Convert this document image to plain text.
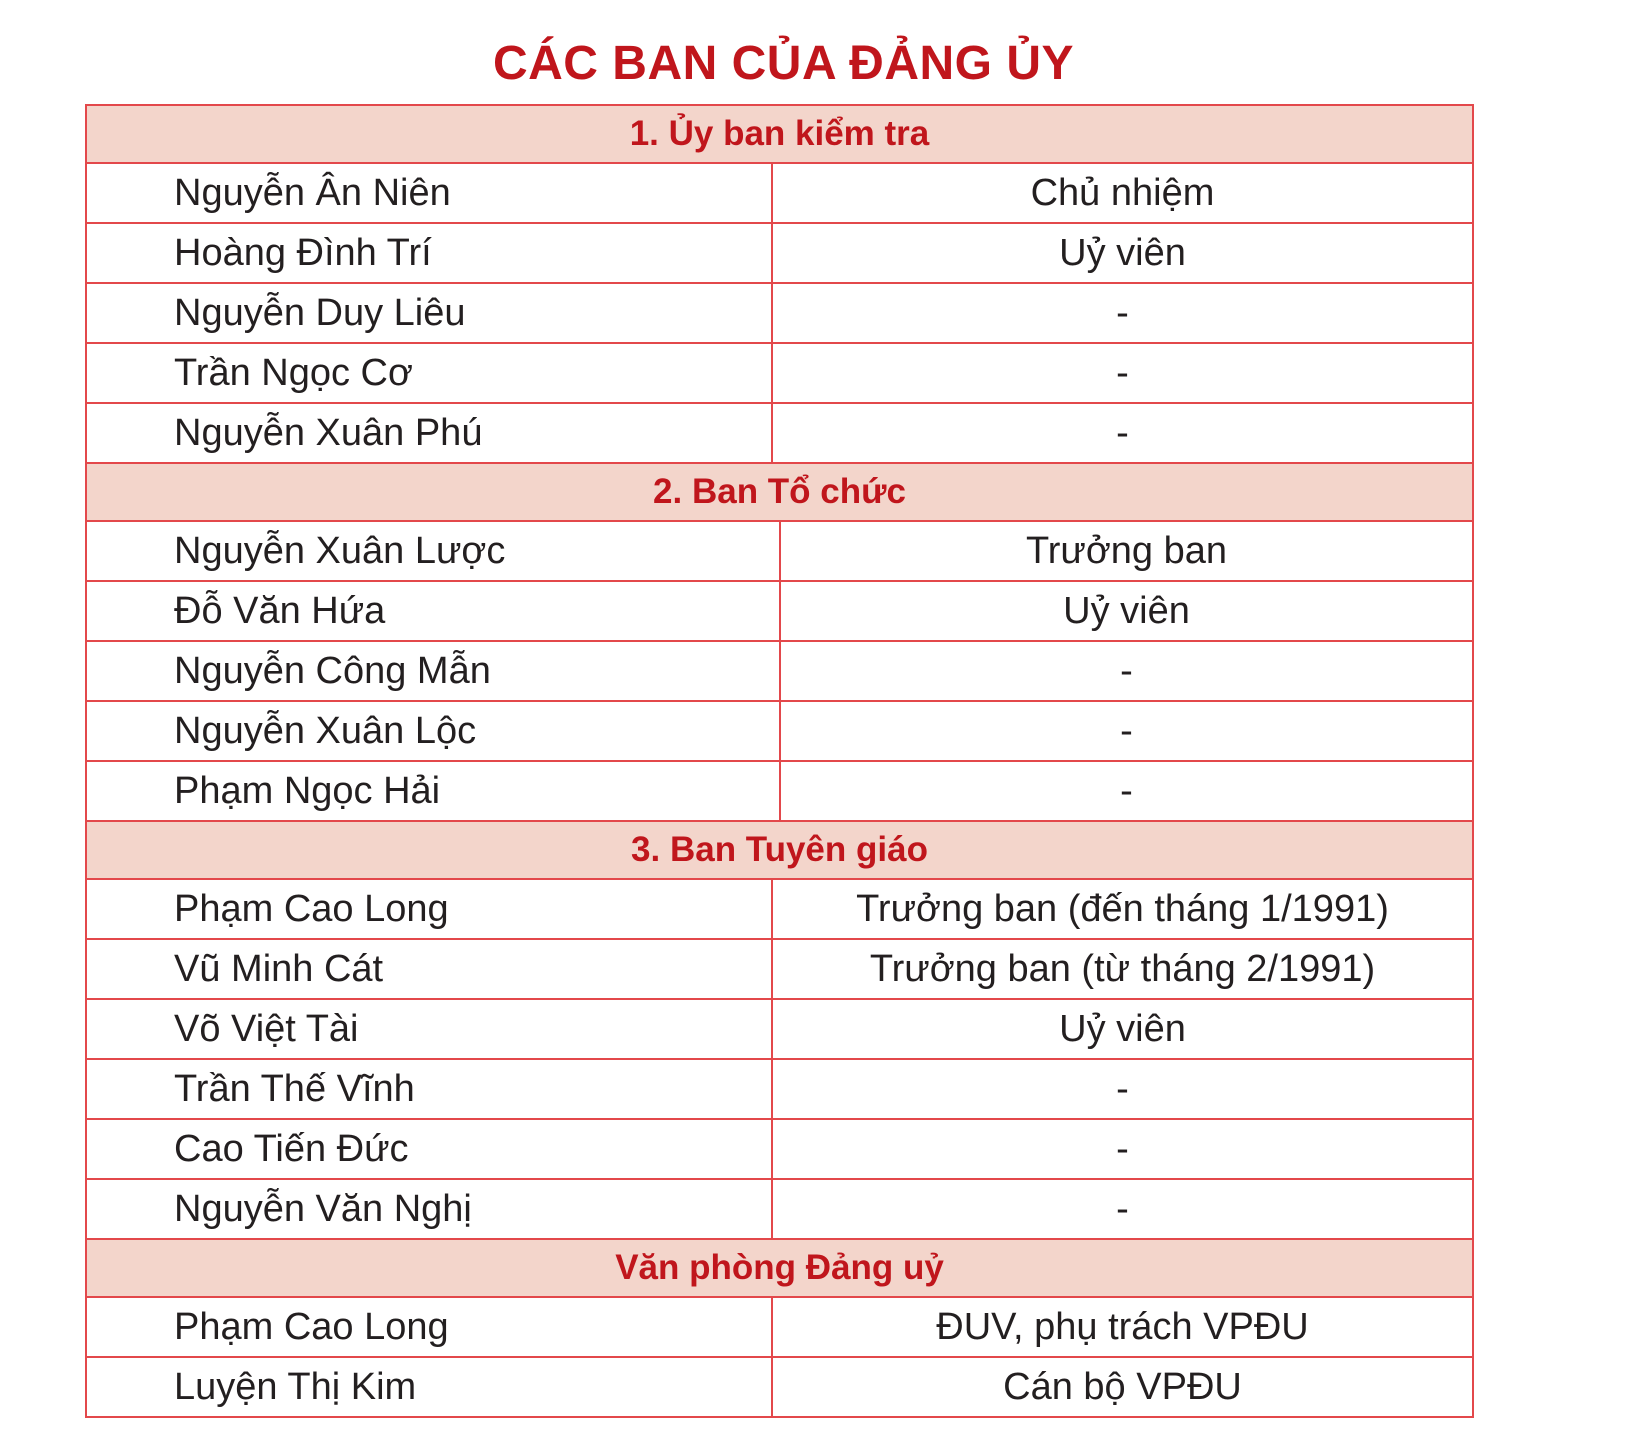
CÁC BAN CỦA ĐẢNG ỦY
1. Ủy ban kiểm tra
Nguyễn Ân Niên	Chủ nhiệm
Hoàng Đình Trí	Uỷ viên
Nguyễn Duy Liêu	-
Trần Ngọc Cơ	-
Nguyễn Xuân Phú	-
2. Ban Tổ chức
Nguyễn Xuân Lược	Trưởng ban
Đỗ Văn Hứa	Uỷ viên
Nguyễn Công Mẫn	-
Nguyễn Xuân Lộc	-
Phạm Ngọc Hải	-
3. Ban Tuyên giáo
Phạm Cao Long	Trưởng ban (đến tháng 1/1991)
Vũ Minh Cát	Trưởng ban (từ tháng 2/1991)
Võ Việt Tài	Uỷ viên
Trần Thế Vĩnh	-
Cao Tiến Đức	-
Nguyễn Văn Nghị	-
Văn phòng Đảng uỷ
Phạm Cao Long	ĐUV, phụ trách VPĐU
Luyện Thị Kim	Cán bộ VPĐU
